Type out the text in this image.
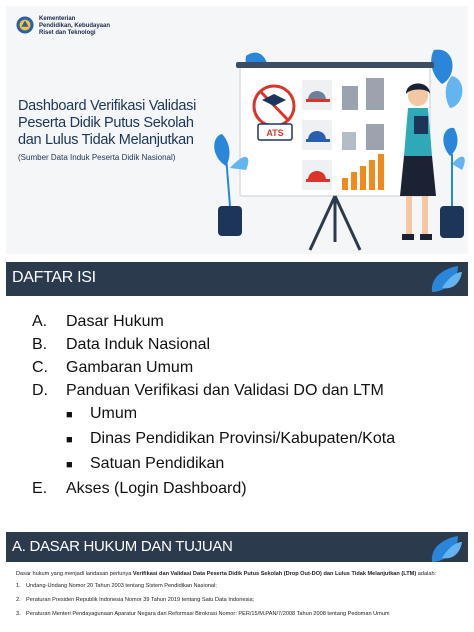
Kementerian
Pendidikan, Kebudayaan
Riset dan Teknologi
Dashboard Verifikasi Validasi
Peserta Didik Putus Sekolah
dan Lulus Tidak Melanjutkan
(Sumber Data Induk Peserta Didik Nasional)
ATS
DAFTAR ISI
A.	Dasar Hukum
B.	Data Induk Nasional
C.	Gambaran Umum
D.	Panduan Verifikasi dan Validasi DO dan LTM
■	Umum
■	Dinas Pendidikan Provinsi/Kabupaten/Kota
■	Satuan Pendidikan
E.	Akses (Login Dashboard)
A. DASAR HUKUM DAN TUJUAN

Dasar hukum yang menjadi landasan perlunya Verifikasi dan Validasi Data Peserta Didik Putus Sekolah (Drop Out-DO) dan Lulus Tidak Melanjutkan (LTM) adalah:

1. Undang-Undang Nomor 20 Tahun 2003 tentang Sistem Pendidikan Nasional;
2. Peraturan Presiden Republik Indonesia Nomor 39 Tahun 2019 tentang Satu Data Indonesia;
3. Peraturan Menteri Pendayagunaan Aparatur Negara dan Reformasi Birokrasi Nomor: PER/15/M.PAN/7/2008 Tahun 2008 tentang Pedoman Umum
